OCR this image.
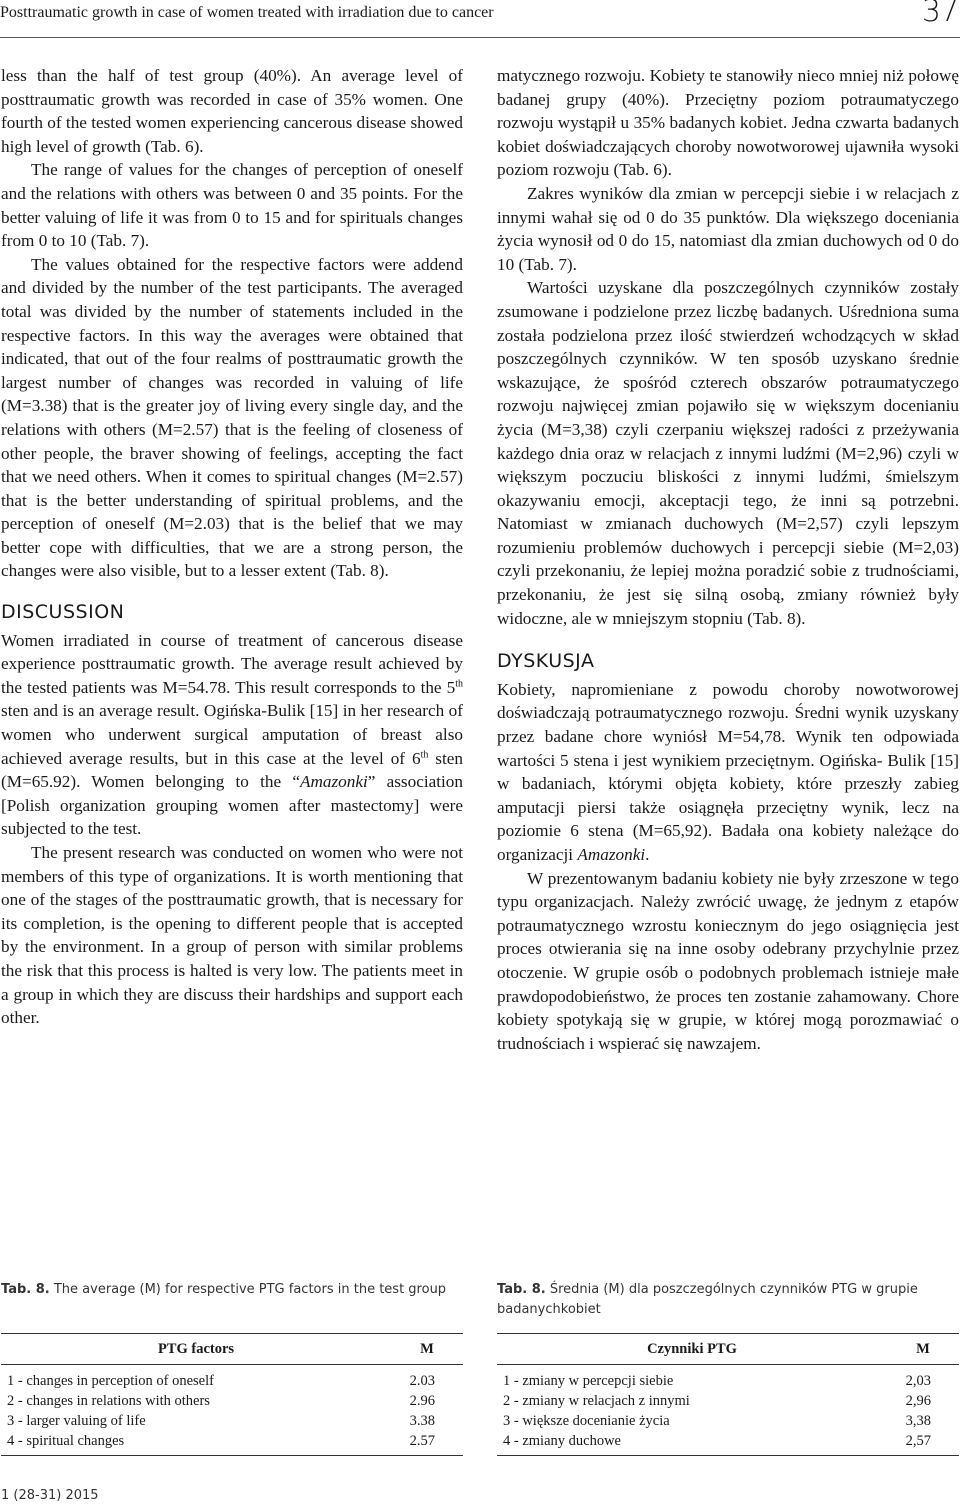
Posttraumatic growth in case of women treated with irradiation due to cancer	37

less than the half of test group (40%). An average level of posttraumatic growth was recorded in case of 35% women. One fourth of the tested women experiencing cancerous disease showed high level of growth (Tab. 6).

The range of values for the changes of perception of oneself and the relations with others was between 0 and 35 points. For the better valuing of life it was from 0 to 15 and for spirituals changes from 0 to 10 (Tab. 7).

The values obtained for the respective factors were addend and divided by the number of the test participants. The averaged total was divided by the number of statements included in the respective factors. In this way the averages were obtained that indicated, that out of the four realms of posttraumatic growth the largest number of changes was recorded in valuing of life (M=3.38) that is the greater joy of living every single day, and the relations with others (M=2.57) that is the feeling of closeness of other people, the braver showing of feelings, accepting the fact that we need others. When it comes to spiritual changes (M=2.57) that is the better understanding of spiritual problems, and the perception of oneself (M=2.03) that is the belief that we may better cope with difficulties, that we are a strong person, the changes were also visible, but to a lesser extent (Tab. 8).

DISCUSSION

Women irradiated in course of treatment of cancerous disease experience posttraumatic growth. The average result achieved by the tested patients was M=54.78. This result corresponds to the 5th sten and is an average result. Ogińska-Bulik [15] in her research of women who underwent surgical amputation of breast also achieved average results, but in this case at the level of 6th sten (M=65.92). Women belonging to the “Amazonki” association [Polish organization grouping women after mastectomy] were subjected to the test.

The present research was conducted on women who were not members of this type of organizations. It is worth mentioning that one of the stages of the posttraumatic growth, that is necessary for its completion, is the opening to different people that is accepted by the environment. In a group of person with similar problems the risk that this process is halted is very low. The patients meet in a group in which they are discuss their hardships and support each other.

matycznego rozwoju. Kobiety te stanowiły nieco mniej niż połowę badanej grupy (40%). Przeciętny poziom potraumatyczego rozwoju wystąpił u 35% badanych kobiet. Jedna czwarta badanych kobiet doświadczających choroby nowotworowej ujawniła wysoki poziom rozwoju (Tab. 6).

Zakres wyników dla zmian w percepcji siebie i w relacjach z innymi wahał się od 0 do 35 punktów. Dla większego doceniania życia wynosił od 0 do 15, natomiast dla zmian duchowych od 0 do 10 (Tab. 7).

Wartości uzyskane dla poszczególnych czynników zostały zsumowane i podzielone przez liczbę badanych. Uśredniona suma została podzielona przez ilość stwierdzeń wchodzących w skład poszczególnych czynników. W ten sposób uzyskano średnie wskazujące, że spośród czterech obszarów potraumatyczego rozwoju najwięcej zmian pojawiło się w większym docenianiu życia (M=3,38) czyli czerpaniu większej radości z przeżywania każdego dnia oraz w relacjach z innymi ludźmi (M=2,96) czyli w większym poczuciu bliskości z innymi ludźmi, śmielszym okazywaniu emocji, akceptacji tego, że inni są potrzebni. Natomiast w zmianach duchowych (M=2,57) czyli lepszym rozumieniu problemów duchowych i percepcji siebie (M=2,03) czyli przekonaniu, że lepiej można poradzić sobie z trudnościami, przekonaniu, że jest się silną osobą, zmiany również były widoczne, ale w mniejszym stopniu (Tab. 8).

DYSKUSJA

Kobiety, napromieniane z powodu choroby nowotworowej doświadczają potraumatycznego rozwoju. Średni wynik uzyskany przez badane chore wyniósł M=54,78. Wynik ten odpowiada wartości 5 stena i jest wynikiem przeciętnym. Ogińska- Bulik [15] w badaniach, którymi objęta kobiety, które przeszły zabieg amputacji piersi także osiągnęła przeciętny wynik, lecz na poziomie 6 stena (M=65,92). Badała ona kobiety należące do organizacji Amazonki.

W prezentowanym badaniu kobiety nie były zrzeszone w tego typu organizacjach. Należy zwrócić uwagę, że jednym z etapów potraumatycznego wzrostu koniecznym do jego osiągnięcia jest proces otwierania się na inne osoby odebrany przychylnie przez otoczenie. W grupie osób o podobnych problemach istnieje małe prawdopodobieństwo, że proces ten zostanie zahamowany. Chore kobiety spotykają się w grupie, w której mogą porozmawiać o trudnościach i wspierać się nawzajem.

Tab. 8. The average (M) for respective PTG factors in the test group	Tab. 8. Średnia (M) dla poszczególnych czynników PTG w grupie badanychkobiet
PTG factors	M
1 - changes in perception of oneself	2.03
2 - changes in relations with others	2.96
3 - larger valuing of life	3.38
4 - spiritual changes	2.57
Czynniki PTG	M
1 - zmiany w percepcji siebie	2,03
2 - zmiany w relacjach z innymi	2,96
3 - większe docenianie życia	3,38
4 - zmiany duchowe	2,57
1 (28-31) 2015
